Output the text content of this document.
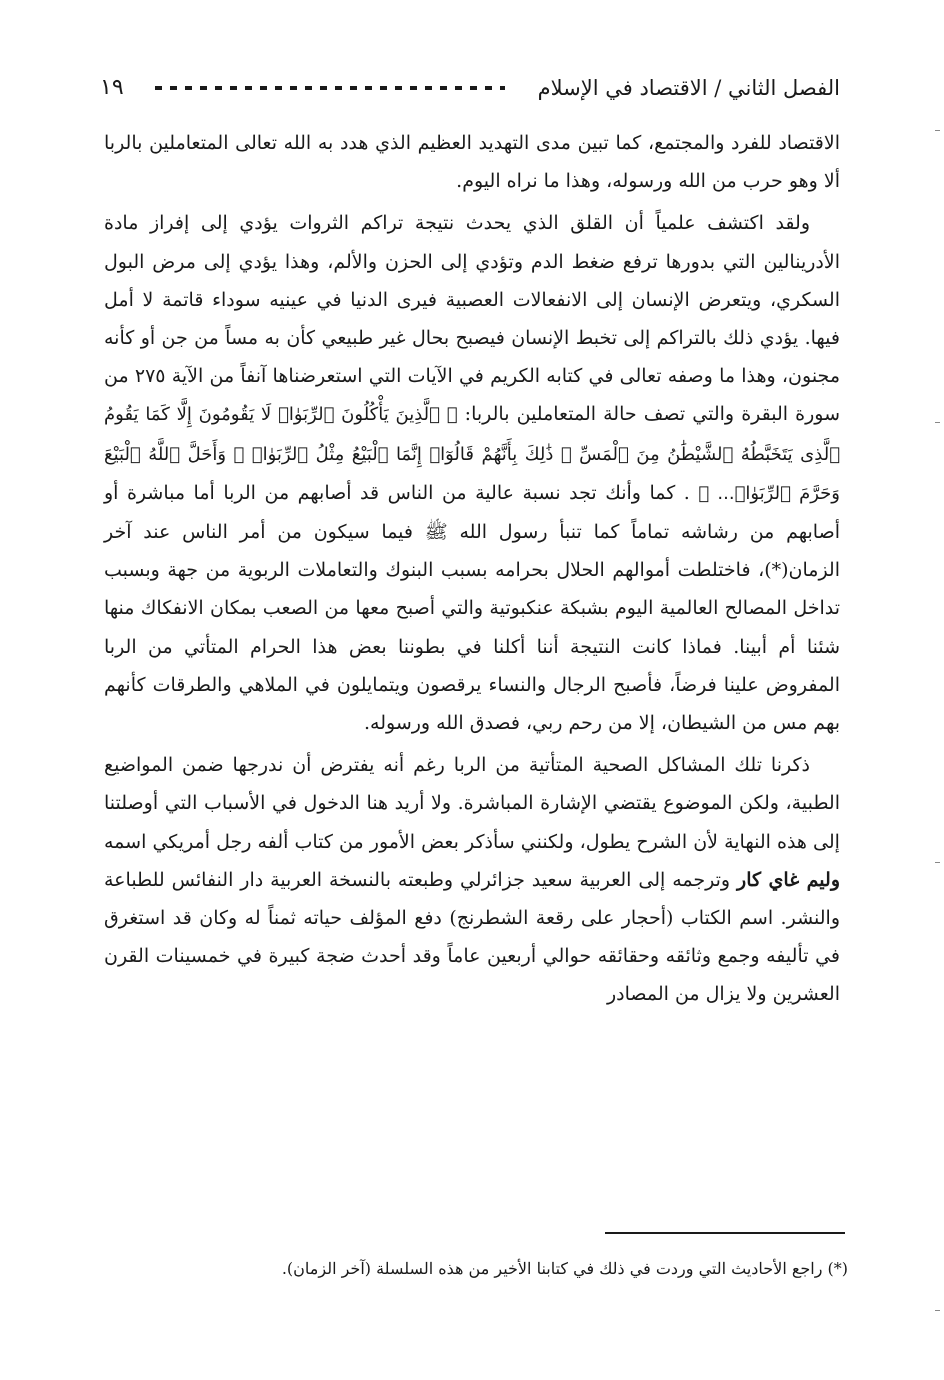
الفصل الثاني / الاقتصاد في الإسلام
١٩

الاقتصاد للفرد والمجتمع، كما تبين مدى التهديد العظيم الذي هدد به الله تعالى المتعاملين بالربا ألا وهو حرب من الله ورسوله، وهذا ما نراه اليوم.

ولقد اكتشف علمياً أن القلق الذي يحدث نتيجة تراكم الثروات يؤدي إلى إفراز مادة الأدرينالين التي بدورها ترفع ضغط الدم وتؤدي إلى الحزن والألم، وهذا يؤدي إلى مرض البول السكري، ويتعرض الإنسان إلى الانفعالات العصبية فيرى الدنيا في عينيه سوداء قاتمة لا أمل فيها. يؤدي ذلك بالتراكم إلى تخبط الإنسان فيصبح بحال غير طبيعي كأن به مساً من جن أو كأنه مجنون، وهذا ما وصفه تعالى في كتابه الكريم في الآيات التي استعرضناها آنفاً من الآية ٢٧٥ من سورة البقرة والتي تصف حالة المتعاملين بالربا: ﴿ ٱلَّذِينَ يَأْكُلُونَ ٱلرِّبَوٰا۟ لَا يَقُومُونَ إِلَّا كَمَا يَقُومُ ٱلَّذِى يَتَخَبَّطُهُ ٱلشَّيْطَٰنُ مِنَ ٱلْمَسِّ ۚ ذَٰلِكَ بِأَنَّهُمْ قَالُوٓا۟ إِنَّمَا ٱلْبَيْعُ مِثْلُ ٱلرِّبَوٰا۟ ۗ وَأَحَلَّ ٱللَّهُ ٱلْبَيْعَ وَحَرَّمَ ٱلرِّبَوٰا۟... ﴾ . كما وأنك تجد نسبة عالية من الناس قد أصابهم من الربا أما مباشرة أو أصابهم من رشاشه تماماً كما تنبأ رسول الله ﷺ فيما سيكون من أمر الناس عند آخر الزمان(*)، فاختلطت أموالهم الحلال بحرامه بسبب البنوك والتعاملات الربوية من جهة وبسبب تداخل المصالح العالمية اليوم بشبكة عنكبوتية والتي أصبح معها من الصعب بمكان الانفكاك منها شئنا أم أبينا. فماذا كانت النتيجة أننا أكلنا في بطوننا بعض هذا الحرام المتأتي من الربا المفروض علينا فرضاً، فأصبح الرجال والنساء يرقصون ويتمايلون في الملاهي والطرقات كأنهم بهم مس من الشيطان، إلا من رحم ربي، فصدق الله ورسوله.

ذكرنا تلك المشاكل الصحية المتأتية من الربا رغم أنه يفترض أن ندرجها ضمن المواضيع الطبية، ولكن الموضوع يقتضي الإشارة المباشرة. ولا أريد هنا الدخول في الأسباب التي أوصلتنا إلى هذه النهاية لأن الشرح يطول، ولكنني سأذكر بعض الأمور من كتاب ألفه رجل أمريكي اسمه وليم غاي كار وترجمه إلى العربية سعيد جزائرلي وطبعته بالنسخة العربية دار النفائس للطباعة والنشر. اسم الكتاب (أحجار على رقعة الشطرنج) دفع المؤلف حياته ثمناً له وكان قد استغرق في تأليفه وجمع وثائقه وحقائقه حوالي أربعين عاماً وقد أحدث ضجة كبيرة في خمسينات القرن العشرين ولا يزال من المصادر

(*) راجع الأحاديث التي وردت في ذلك في كتابنا الأخير من هذه السلسلة (آخر الزمان).
